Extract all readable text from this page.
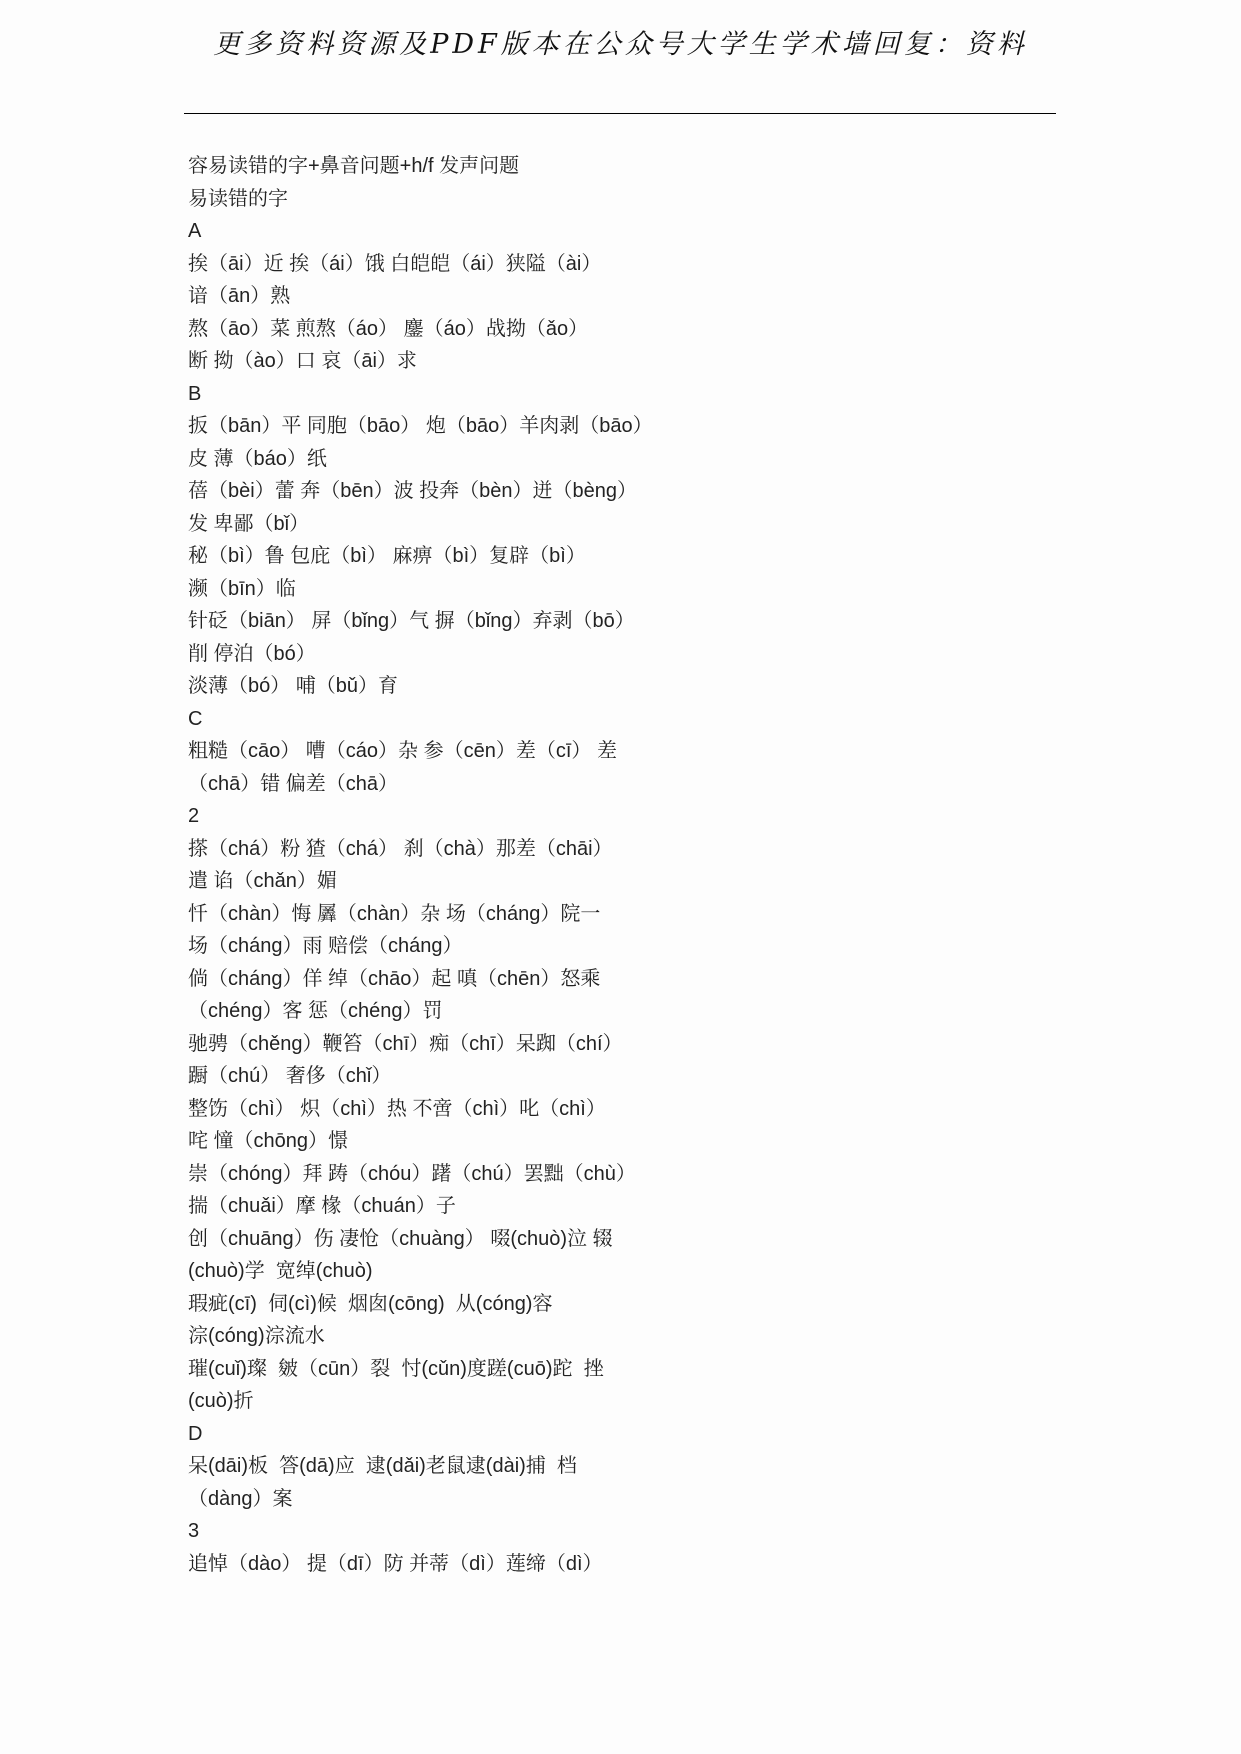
更多资料资源及PDF版本在公众号大学生学术墙回复：资料
容易读错的字+鼻音问题+h/f 发声问题
易读错的字
A
挨（āi）近 挨（ái）饿 白皑皑（ái）狭隘（ài）
谙（ān）熟
熬（āo）菜 煎熬（áo） 鏖（áo）战拗（ǎo）
断 拗（ào）口 哀（āi）求
B
扳（bān）平 同胞（bāo） 炮（bāo）羊肉剥（bāo）
皮 薄（báo）纸
蓓（bèi）蕾 奔（bēn）波 投奔（bèn）迸（bèng）
发 卑鄙（bǐ）
秘（bì）鲁 包庇（bì） 麻痹（bì）复辟（bì）
濒（bīn）临
针砭（biān） 屏（bǐng）气 摒（bǐng）弃剥（bō）
削 停泊（bó）
淡薄（bó） 哺（bǔ）育
C
粗糙（cāo） 嘈（cáo）杂 参（cēn）差（cī） 差
（chā）错 偏差（chā）
2
搽（chá）粉 猹（chá） 刹（chà）那差（chāi）
遣 谄（chǎn）媚
忏（chàn）悔 羼（chàn）杂 场（cháng）院一
场（cháng）雨 赔偿（cháng）
倘（cháng）佯 绰（chāo）起 嗔（chēn）怒乘
（chéng）客 惩（chéng）罚
驰骋（chěng）鞭笞（chī）痴（chī）呆踟（chí）
蹰（chú） 奢侈（chǐ）
整饬（chì） 炽（chì）热 不啻（chì）叱（chì）
咤 憧（chōng）憬
崇（chóng）拜 踌（chóu）躇（chú）罢黜（chù）
揣（chuǎi）摩 椽（chuán）子
创（chuāng）伤 凄怆（chuàng） 啜(chuò)泣 辍
(chuò)学  宽绰(chuò)
瑕疵(cī)  伺(cì)候  烟囱(cōng)  从(cóng)容
淙(cóng)淙流水
璀(cuǐ)璨  皴（cūn）裂  忖(cǔn)度蹉(cuō)跎  挫
(cuò)折
D
呆(dāi)板  答(dā)应  逮(dǎi)老鼠逮(dài)捕  档
（dàng）案
3
追悼（dào） 提（dī）防 并蒂（dì）莲缔（dì）
